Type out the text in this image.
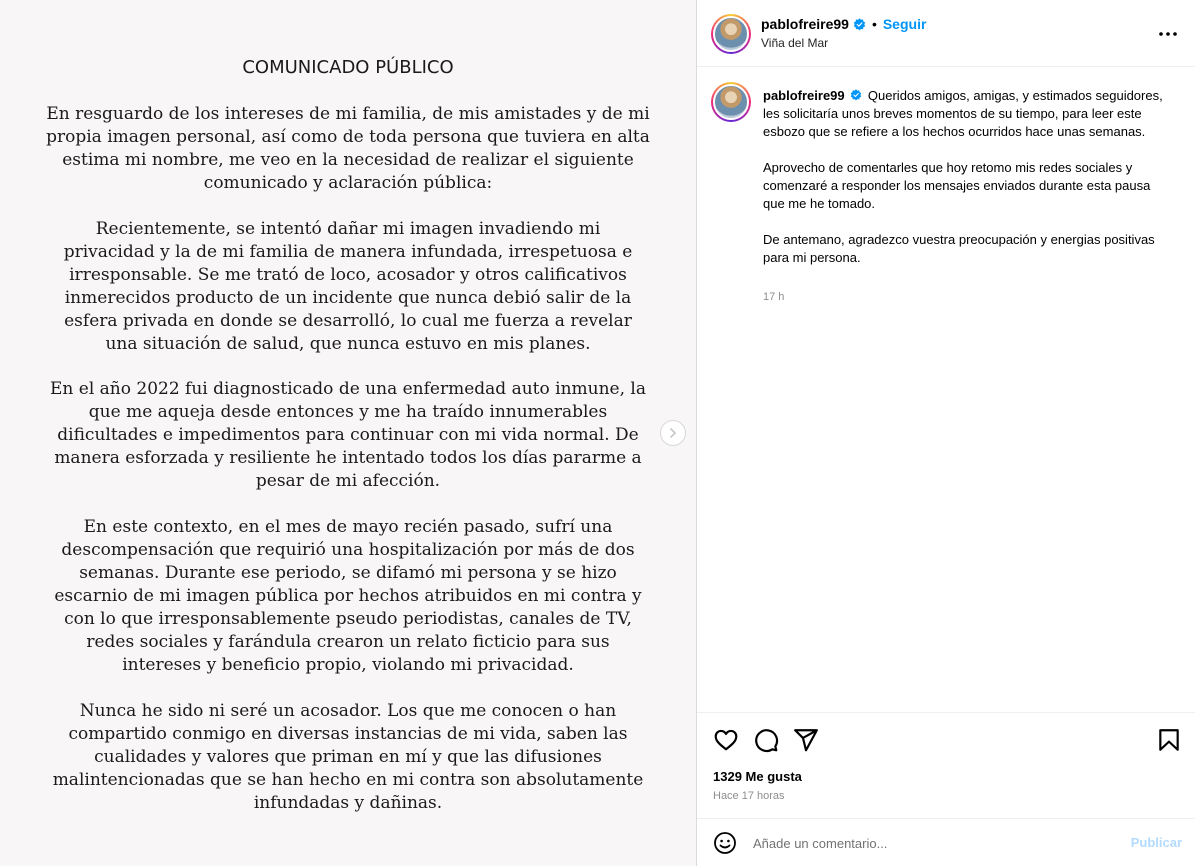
COMUNICADO PÚBLICO
En resguardo de los intereses de mi familia, de mis amistades y de mi
propia imagen personal, así como de toda persona que tuviera en alta
estima mi nombre, me veo en la necesidad de realizar el siguiente
comunicado y aclaración pública:
Recientemente, se intentó dañar mi imagen invadiendo mi
privacidad y la de mi familia de manera infundada, irrespetuosa e
irresponsable. Se me trató de loco, acosador y otros calificativos
inmerecidos producto de un incidente que nunca debió salir de la
esfera privada en donde se desarrolló, lo cual me fuerza a revelar
una situación de salud, que nunca estuvo en mis planes.
En el año 2022 fui diagnosticado de una enfermedad auto inmune, la
que me aqueja desde entonces y me ha traído innumerables
dificultades e impedimentos para continuar con mi vida normal. De
manera esforzada y resiliente he intentado todos los días pararme a
pesar de mi afección.
En este contexto, en el mes de mayo recién pasado, sufrí una
descompensación que requirió una hospitalización por más de dos
semanas. Durante ese periodo, se difamó mi persona y se hizo
escarnio de mi imagen pública por hechos atribuidos en mi contra y
con lo que irresponsablemente pseudo periodistas, canales de TV,
redes sociales y farándula crearon un relato ficticio para sus
intereses y beneficio propio, violando mi privacidad.
Nunca he sido ni seré un acosador. Los que me conocen o han
compartido conmigo en diversas instancias de mi vida, saben las
cualidades y valores que priman en mí y que las difusiones
malintencionadas que se han hecho en mi contra son absolutamente
infundadas y dañinas.
pablofreire99 • Seguir
Viña del Mar
pablofreire99 Queridos amigos, amigas, y estimados seguidores, les solicitaría unos breves momentos de su tiempo, para leer este esbozo que se refiere a los hechos ocurridos hace unas semanas.

Aprovecho de comentarles que hoy retomo mis redes sociales y comenzaré a responder los mensajes enviados durante esta pausa que me he tomado.

De antemano, agradezco vuestra preocupación y energias positivas para mi persona.
17 h
1329 Me gusta
Hace 17 horas
Añade un comentario...
Publicar
